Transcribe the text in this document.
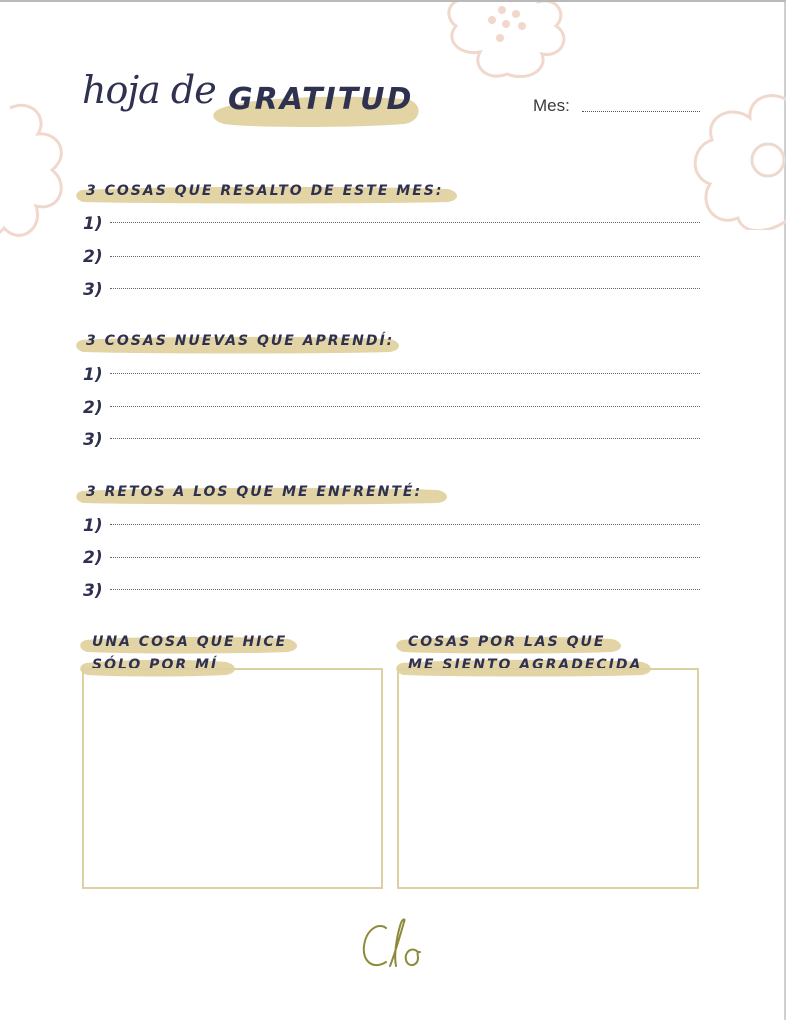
hoja de GRATITUD	Mes:
3 COSAS QUE RESALTO DE ESTE MES:
1)
2)
3)
3 COSAS NUEVAS QUE APRENDÍ:
1)
2)
3)
3 RETOS A LOS QUE ME ENFRENTÉ:
1)
2)
3)
UNA COSA QUE HICE
SÓLO POR MÍ
COSAS POR LAS QUE
ME SIENTO AGRADECIDA
